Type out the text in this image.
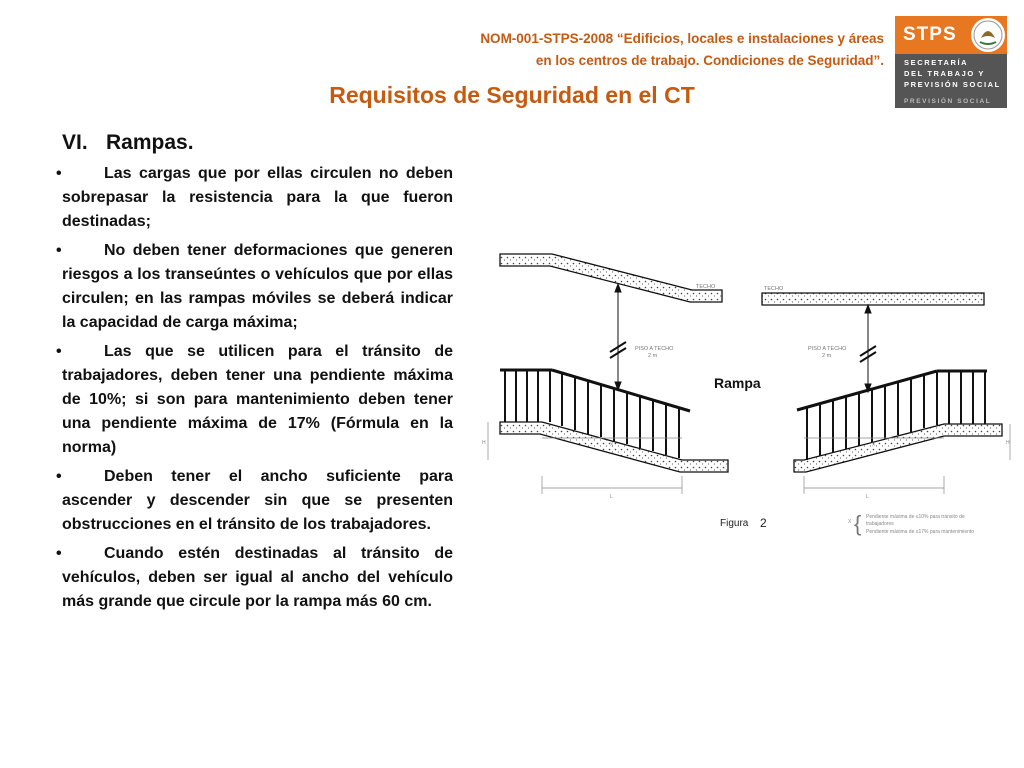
NOM-001-STPS-2008 “Edificios, locales e instalaciones y áreas
en los centros de trabajo. Condiciones de Seguridad”.
STPS
SECRETARÍA
DEL TRABAJO Y
PREVISIÓN SOCIAL
PREVISIÓN SOCIAL
Requisitos de Seguridad en el CT
VI. Rampas.
•	Las cargas que por ellas circulen no deben sobrepasar la resistencia para la que fueron destinadas;
•	No deben tener deformaciones que generen riesgos a los transeúntes o vehículos que por ellas circulen; en las rampas móviles se deberá indicar la capacidad de carga máxima;
•	Las que se utilicen para el tránsito de trabajadores, deben tener una pendiente máxima de 10%; si son para mantenimiento deben tener una pendiente máxima de 17% (Fórmula en la norma)
•	Deben tener el ancho suficiente para ascender y descender sin que se presenten obstrucciones en el tránsito de los trabajadores.
•	Cuando estén destinadas al tránsito de vehículos, deben ser igual al ancho del vehículo más grande que circule por la rampa más 60 cm.
TECHO
PISO A TECHO
2 m
H
L
X
Rampa
TECHO
PISO A TECHO
2 m
H
L
X
Figura 2	X { Pendiente máxima de ≤10% para tránsito de
trabajadores
Pendiente máxima de ≤17% para mantenimiento
